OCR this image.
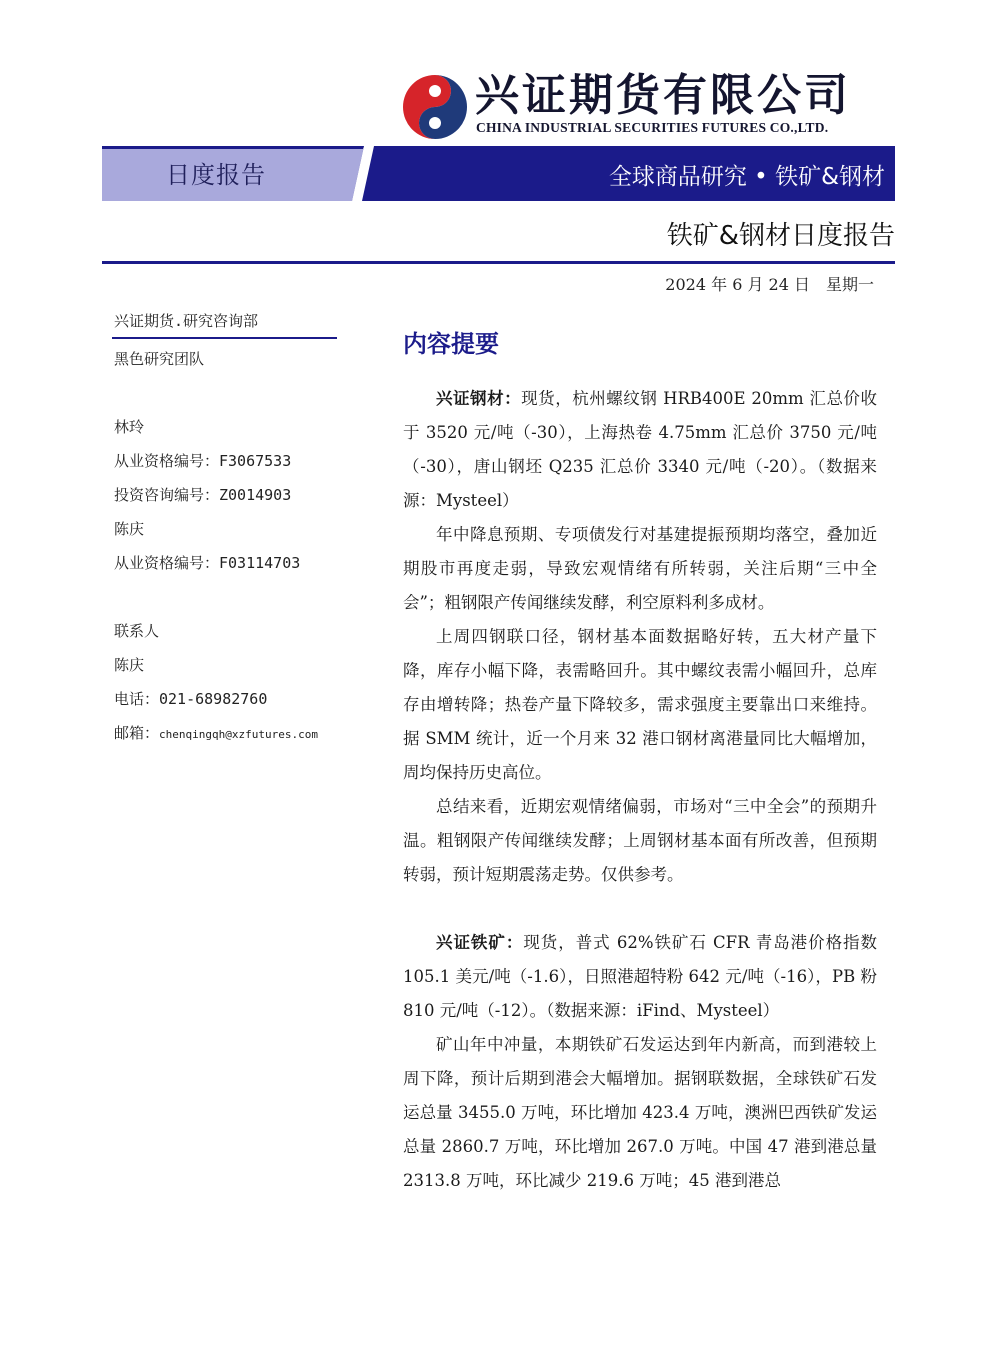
兴证期货有限公司
CHINA INDUSTRIAL SECURITIES FUTURES CO.,LTD.
日度报告	全球商品研究 • 铁矿&钢材
铁矿&钢材日度报告
2024 年 6 月 24 日　星期一
兴证期货.研究咨询部
黑色研究团队
林玲
从业资格编号：F3067533
投资咨询编号：Z0014903
陈庆
从业资格编号：F03114703
联系人
陈庆
电话：021-68982760
邮箱：chenqingqh@xzfutures.com
内容提要

兴证钢材：现货，杭州螺纹钢 HRB400E 20mm 汇总价收于 3520 元/吨（-30），上海热卷 4.75mm 汇总价 3750 元/吨（-30），唐山钢坯 Q235 汇总价 3340 元/吨（-20）。（数据来源：Mysteel）

年中降息预期、专项债发行对基建提振预期均落空，叠加近期股市再度走弱，导致宏观情绪有所转弱，关注后期“三中全会”；粗钢限产传闻继续发酵，利空原料利多成材。

上周四钢联口径，钢材基本面数据略好转，五大材产量下降，库存小幅下降，表需略回升。其中螺纹表需小幅回升，总库存由增转降；热卷产量下降较多，需求强度主要靠出口来维持。据 SMM 统计，近一个月来 32 港口钢材离港量同比大幅增加，周均保持历史高位。

总结来看，近期宏观情绪偏弱，市场对“三中全会”的预期升温。粗钢限产传闻继续发酵；上周钢材基本面有所改善，但预期转弱，预计短期震荡走势。仅供参考。

兴证铁矿：现货，普式 62%铁矿石 CFR 青岛港价格指数 105.1 美元/吨（-1.6），日照港超特粉 642 元/吨（-16），PB 粉 810 元/吨（-12）。（数据来源：iFind、Mysteel）

矿山年中冲量，本期铁矿石发运达到年内新高，而到港较上周下降，预计后期到港会大幅增加。据钢联数据，全球铁矿石发运总量 3455.0 万吨，环比增加 423.4 万吨，澳洲巴西铁矿发运总量 2860.7 万吨，环比增加 267.0 万吨。中国 47 港到港总量 2313.8 万吨，环比减少 219.6 万吨；45 港到港总
